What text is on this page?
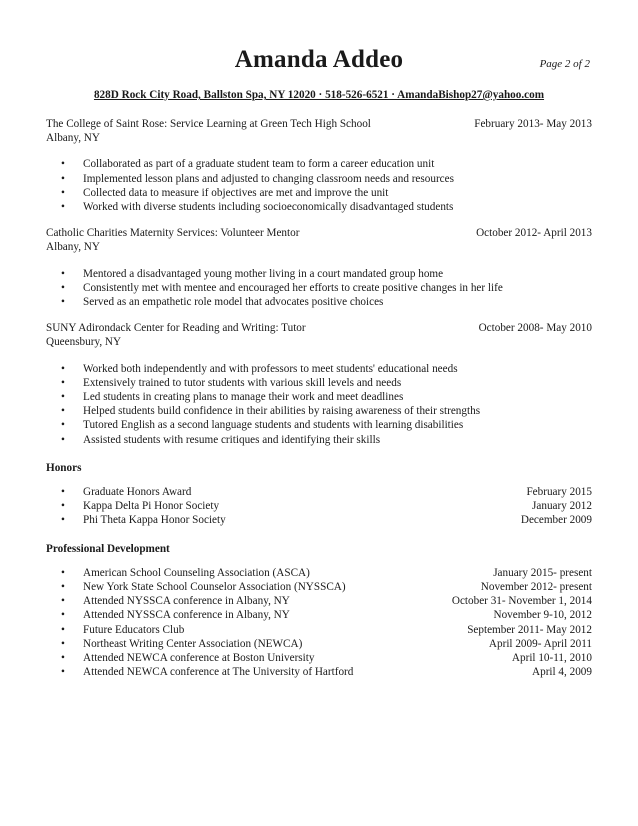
Amanda Addeo	Page 2 of 2
828D Rock City Road, Ballston Spa, NY 12020 · 518-526-6521 · AmandaBishop27@yahoo.com
The College of Saint Rose: Service Learning at Green Tech High School	February 2013- May 2013
Albany, NY
• Collaborated as part of a graduate student team to form a career education unit
• Implemented lesson plans and adjusted to changing classroom needs and resources
• Collected data to measure if objectives are met and improve the unit
• Worked with diverse students including socioeconomically disadvantaged students
Catholic Charities Maternity Services: Volunteer Mentor	October 2012- April 2013
Albany, NY
• Mentored a disadvantaged young mother living in a court mandated group home
• Consistently met with mentee and encouraged her efforts to create positive changes in her life
• Served as an empathetic role model that advocates positive choices
SUNY Adirondack Center for Reading and Writing: Tutor	October 2008- May 2010
Queensbury, NY
• Worked both independently and with professors to meet students' educational needs
• Extensively trained to tutor students with various skill levels and needs
• Led students in creating plans to manage their work and meet deadlines
• Helped students build confidence in their abilities by raising awareness of their strengths
• Tutored English as a second language students and students with learning disabilities
• Assisted students with resume critiques and identifying their skills
Honors
• Graduate Honors Award	February 2015
• Kappa Delta Pi Honor Society	January 2012
• Phi Theta Kappa Honor Society	December 2009
Professional Development
• American School Counseling Association (ASCA)	January 2015- present
• New York State School Counselor Association (NYSSCA)	November 2012- present
• Attended NYSSCA conference in Albany, NY	October 31- November 1, 2014
• Attended NYSSCA conference in Albany, NY	November 9-10, 2012
• Future Educators Club	September 2011- May 2012
• Northeast Writing Center Association (NEWCA)	April 2009- April 2011
• Attended NEWCA conference at Boston University	April 10-11, 2010
• Attended NEWCA conference at The University of Hartford	April 4, 2009
